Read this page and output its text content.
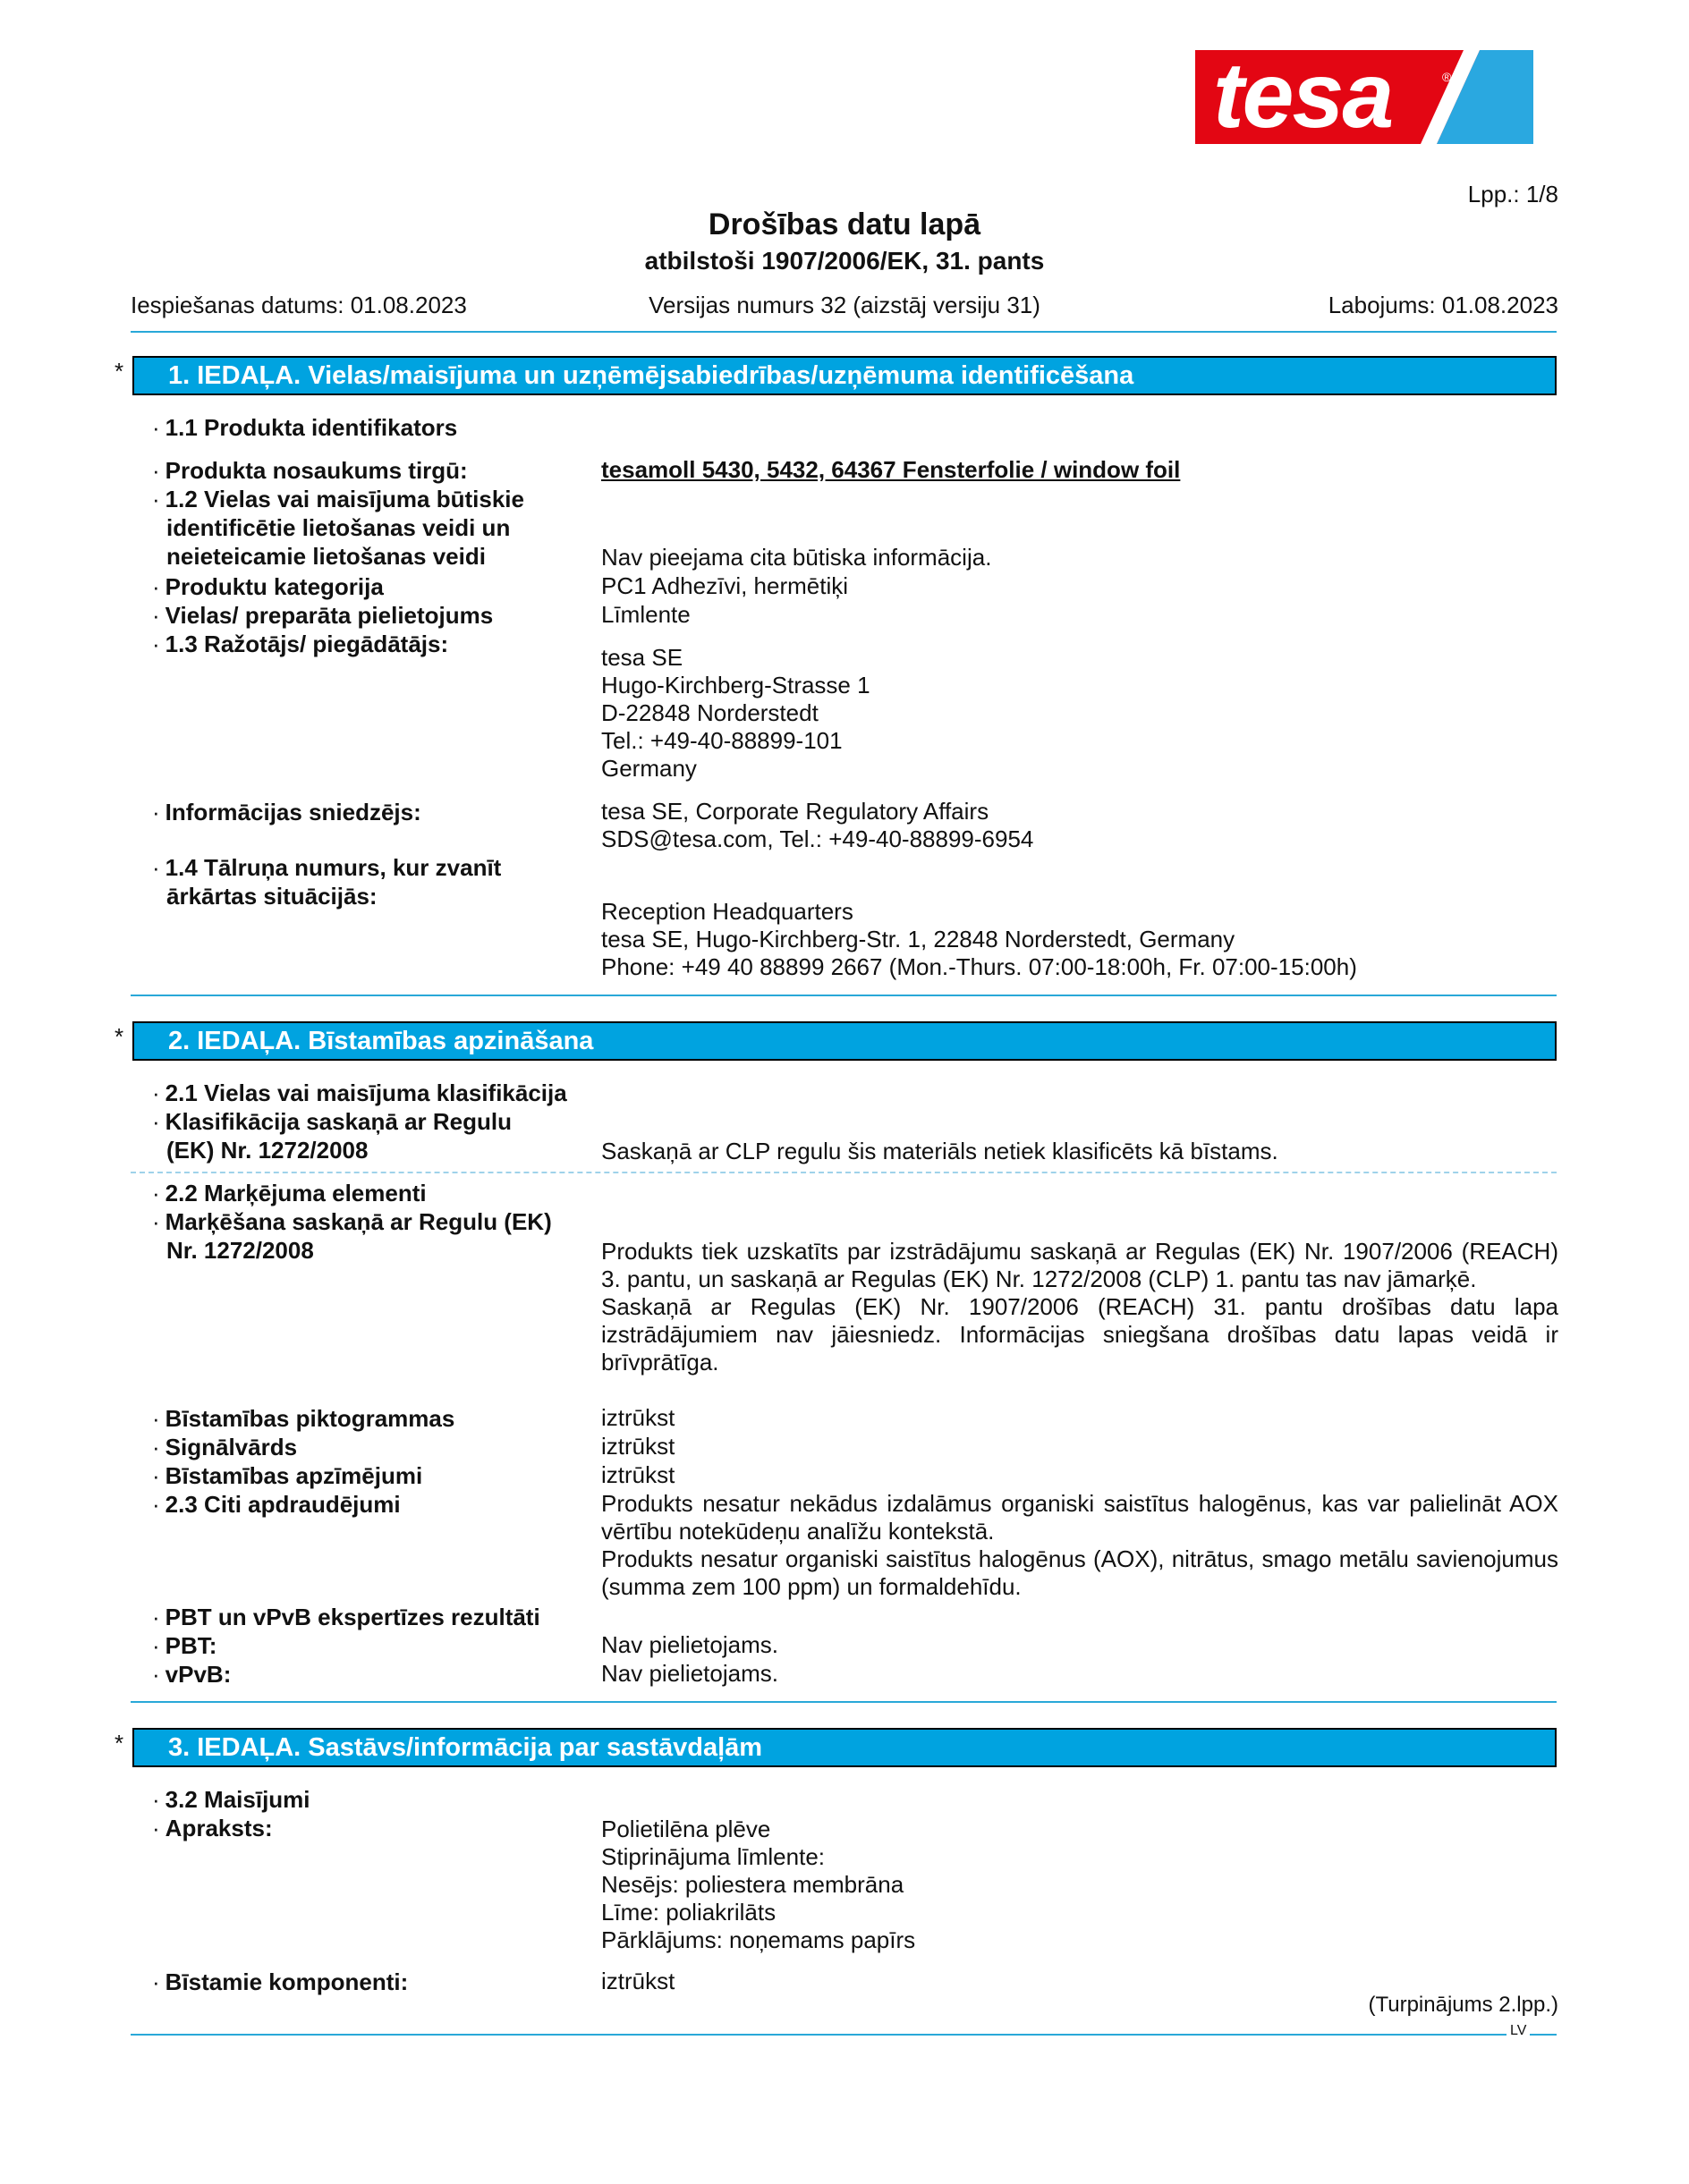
tesa	®
Lpp.: 1/8
Drošības datu lapā
atbilstoši 1907/2006/EK, 31. pants
Iespiešanas datums: 01.08.2023	Versijas numurs 32 (aizstāj versiju 31)	Labojums: 01.08.2023
*	1. IEDAĻA. Vielas/maisījuma un uzņēmējsabiedrības/uzņēmuma identificēšana
· 1.1 Produkta identifikators
· Produkta nosaukums tirgū:	tesamoll 5430, 5432, 64367 Fensterfolie / window foil
· 1.2 Vielas vai maisījuma būtiskie
identificētie lietošanas veidi un
neieteicamie lietošanas veidi	Nav pieejama cita būtiska informācija.
· Produktu kategorija	PC1 Adhezīvi, hermētiķi
· Vielas/ preparāta pielietojums	Līmlente
· 1.3 Ražotājs/ piegādātājs:	tesa SE
Hugo-Kirchberg-Strasse 1
D-22848 Norderstedt
Tel.: +49-40-88899-101
Germany
· Informācijas sniedzējs:	tesa SE, Corporate Regulatory Affairs
SDS@tesa.com, Tel.: +49-40-88899-6954
· 1.4 Tālruņa numurs, kur zvanīt
ārkārtas situācijās:
Reception Headquarters
tesa SE, Hugo-Kirchberg-Str. 1, 22848 Norderstedt, Germany
Phone: +49 40 88899 2667 (Mon.-Thurs. 07:00-18:00h, Fr. 07:00-15:00h)
*	2. IEDAĻA. Bīstamības apzināšana
· 2.1 Vielas vai maisījuma klasifikācija
· Klasifikācija saskaņā ar Regulu
(EK) Nr. 1272/2008	Saskaņā ar CLP regulu šis materiāls netiek klasificēts kā bīstams.
· 2.2 Marķējuma elementi
· Marķēšana saskaņā ar Regulu (EK)
Nr. 1272/2008	Produkts tiek uzskatīts par izstrādājumu saskaņā ar Regulas (EK) Nr. 1907/2006 (REACH) 3. pantu, un saskaņā ar Regulas (EK) Nr. 1272/2008 (CLP) 1. pantu tas nav jāmarķē.
Saskaņā ar Regulas (EK) Nr. 1907/2006 (REACH) 31. pantu drošības datu lapa izstrādājumiem nav jāiesniedz. Informācijas sniegšana drošības datu lapas veidā ir brīvprātīga.
· Bīstamības piktogrammas	iztrūkst
· Signālvārds	iztrūkst
· Bīstamības apzīmējumi	iztrūkst
· 2.3 Citi apdraudējumi	Produkts nesatur nekādus izdalāmus organiski saistītus halogēnus, kas var palielināt AOX vērtību notekūdeņu analīžu kontekstā.
Produkts nesatur organiski saistītus halogēnus (AOX), nitrātus, smago metālu savienojumus (summa zem 100 ppm) un formaldehīdu.
· PBT un vPvB ekspertīzes rezultāti
· PBT:	Nav pielietojams.
· vPvB:	Nav pielietojams.
*	3. IEDAĻA. Sastāvs/informācija par sastāvdaļām
· 3.2 Maisījumi
· Apraksts:	Polietilēna plēve
Stiprinājuma līmlente:
Nesējs: poliestera membrāna
Līme: poliakrilāts
Pārklājums: noņemams papīrs
· Bīstamie komponenti:	iztrūkst
(Turpinājums 2.lpp.)
LV
